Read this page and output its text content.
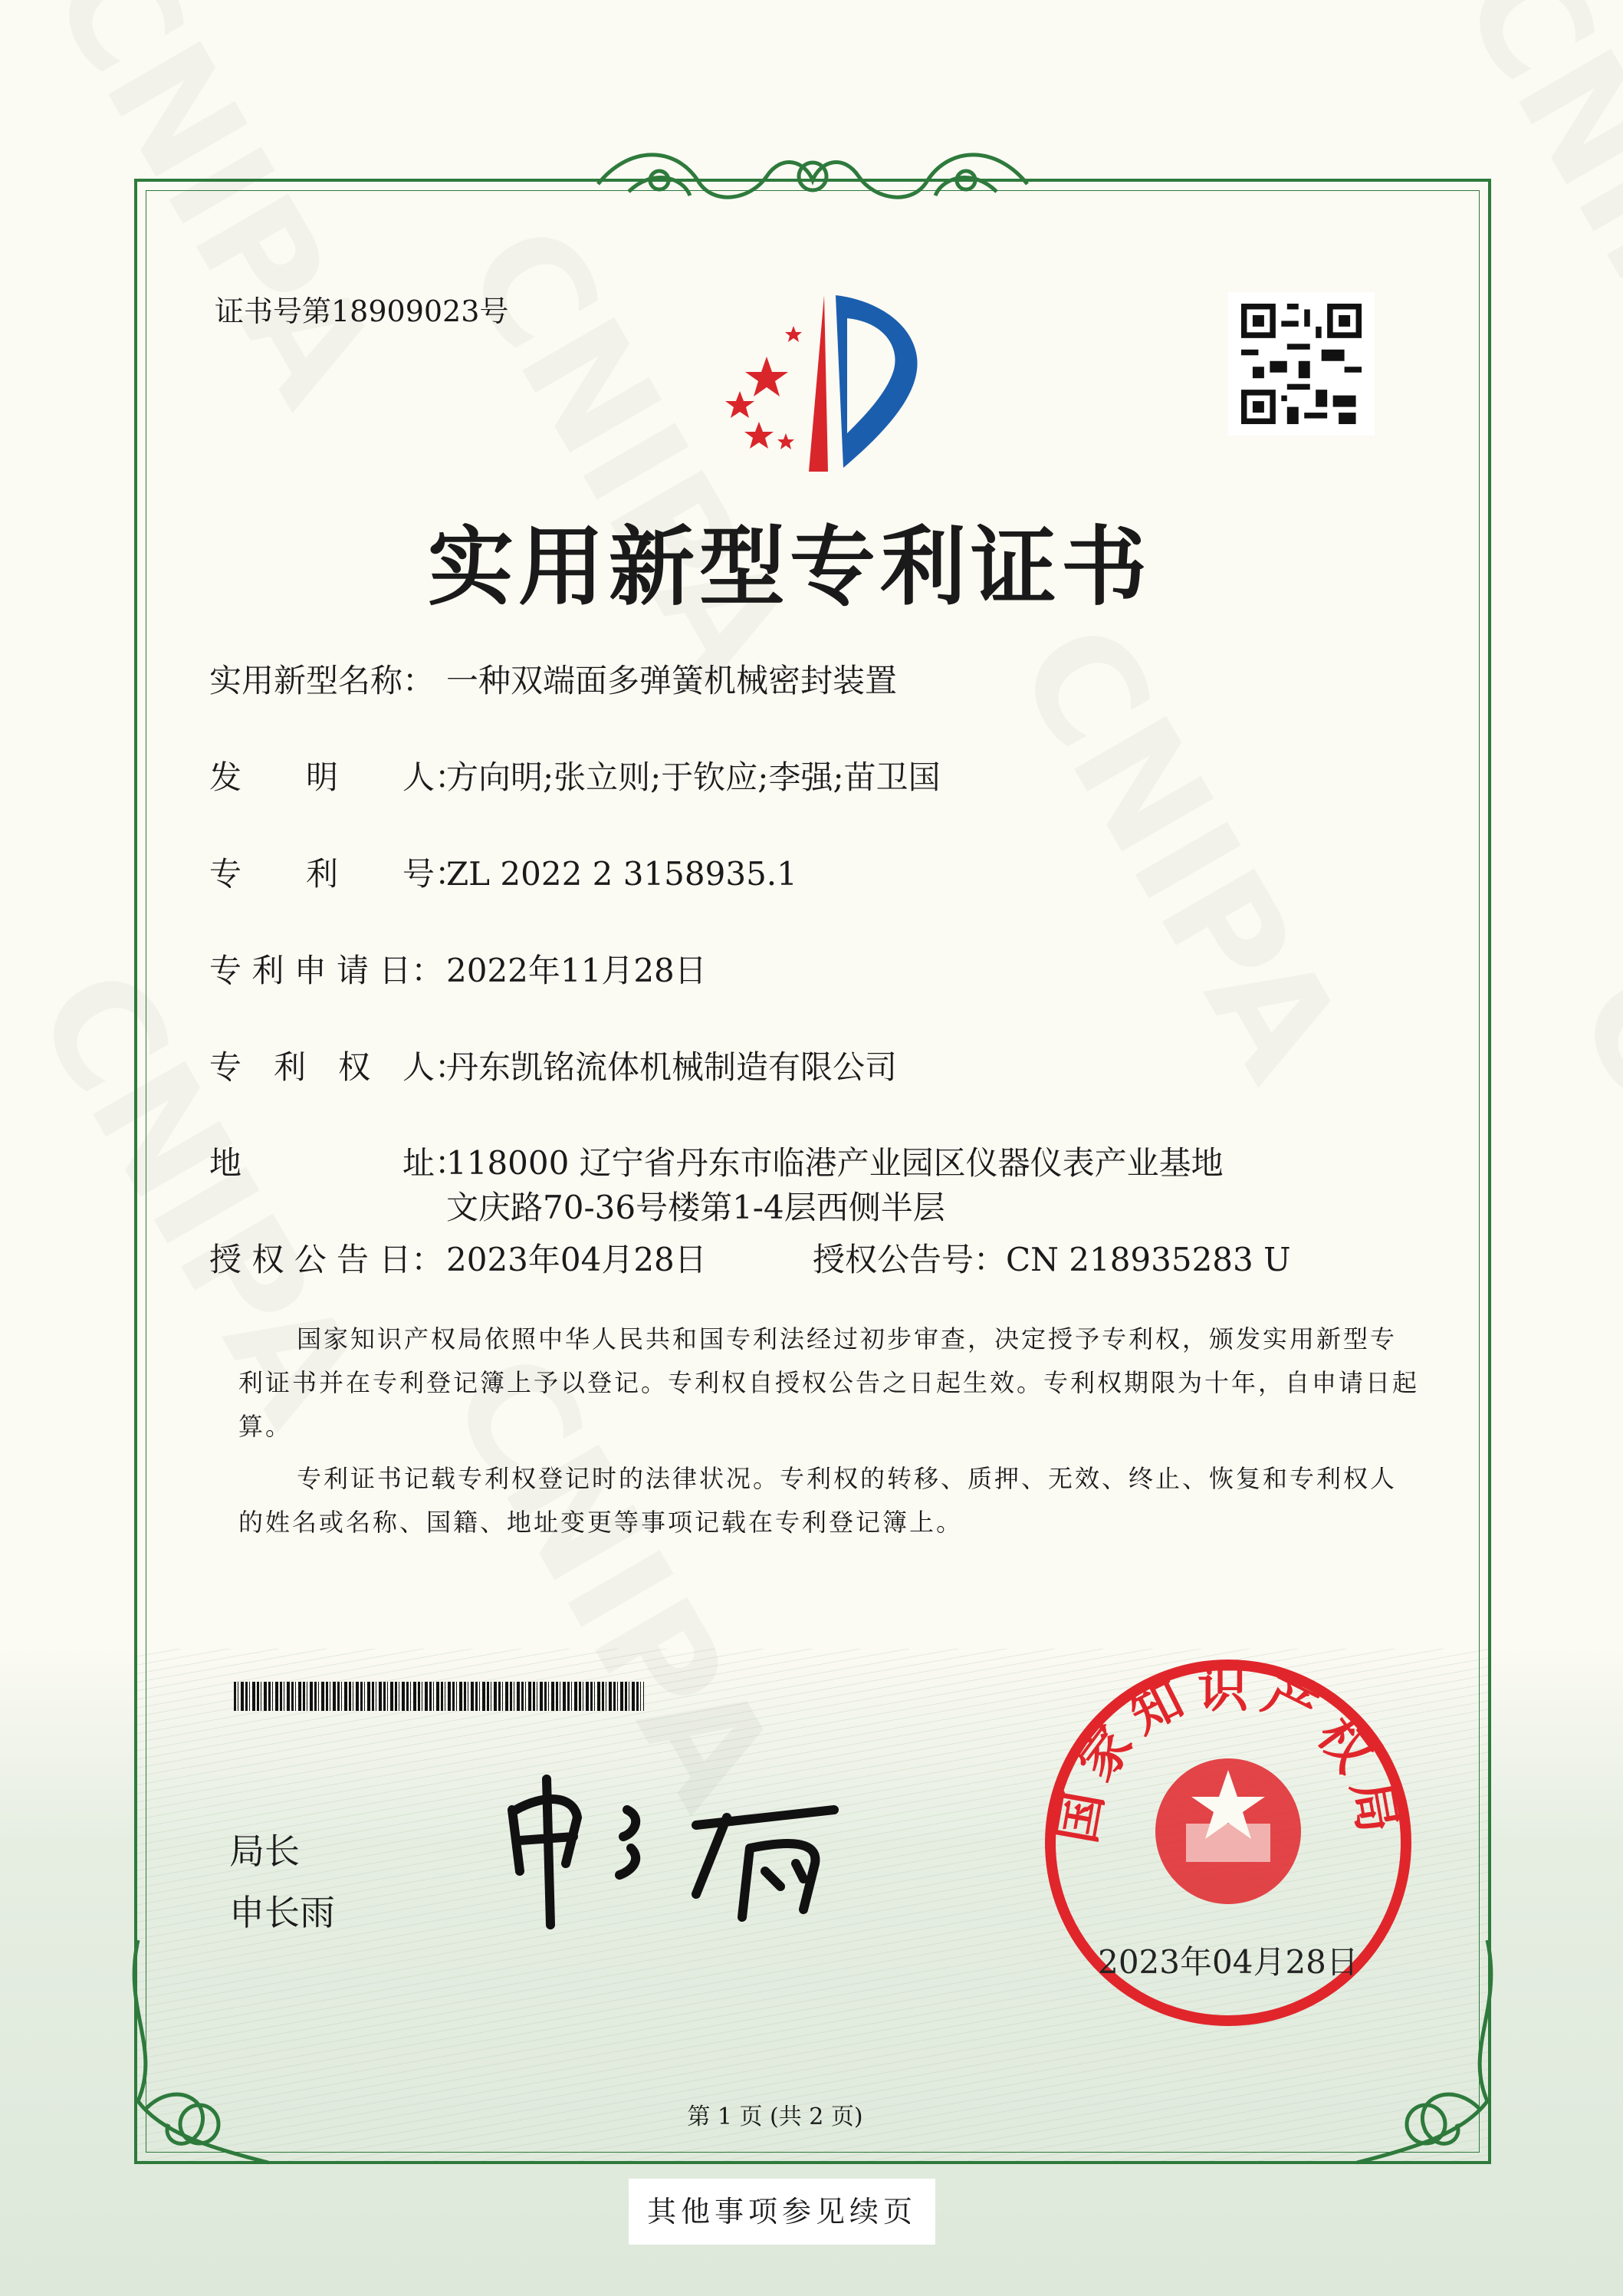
证书号第18909023号
实用新型专利证书
实用新型名称： 一种双端面多弹簧机械密封装置
发　　明　　人：方向明;张立则;于钦应;李强;苗卫国
专　　利　　号：ZL 2022 2 3158935.1
专 利 申 请 日：2022年11月28日
专　利　权　人：丹东凯铭流体机械制造有限公司
地　　　　　址：118000 辽宁省丹东市临港产业园区仪器仪表产业基地
文庆路70-36号楼第1-4层西侧半层
授 权 公 告 日：2023年04月28日	授权公告号：CN 218935283 U
国家知识产权局依照中华人民共和国专利法经过初步审查，决定授予专利权，颁发实用新型专利证书并在专利登记簿上予以登记。专利权自授权公告之日起生效。专利权期限为十年，自申请日起算。
专利证书记载专利权登记时的法律状况。专利权的转移、质押、无效、终止、恢复和专利权人的姓名或名称、国籍、地址变更等事项记载在专利登记簿上。
局长
申长雨
国家知识产权局
2023年04月28日
第 1 页 (共 2 页)
其他事项参见续页
